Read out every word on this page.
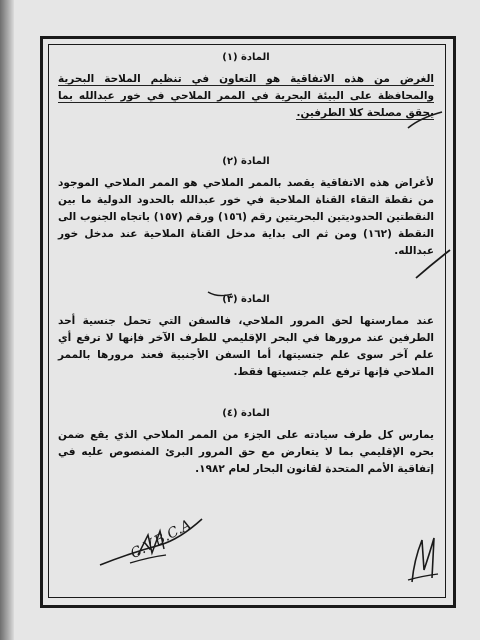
المادة (١)
الغرض من هذه الاتفاقية هو التعاون في تنظيم الملاحة البحرية والمحافظة على البيئة البحرية في الممر الملاحي في خور عبدالله بما يحقق مصلحة كلا الطرفين.
المادة (٢)
لأغراض هذه الاتفاقية يقصد بالممر الملاحي هو الممر الملاحي الموجود من نقطة التقاء القناة الملاحية في خور عبدالله بالحدود الدولية ما بين النقطتين الحدوديتين البحريتين رقم (١٥٦) ورقم (١٥٧) باتجاه الجنوب الى النقطة (١٦٢) ومن ثم الى بداية مدخل القناة الملاحية عند مدخل خور عبدالله.
المادة (٣)
عند ممارستها لحق المرور الملاحي، فالسفن التي تحمل جنسية أحد الطرفين عند مرورها في البحر الإقليمي للطرف الآخر فإنها لا ترفع أي علم آخر سوى علم جنسيتها، أما السفن الأجنبية فعند مرورها بالممر الملاحي فإنها ترفع علم جنسيتها فقط.
المادة (٤)
يمارس كل طرف سيادته على الجزء من الممر الملاحي الذي يقع ضمن بحره الإقليمي بما لا يتعارض مع حق المرور البرئ المنصوص عليه في إتفاقية الأمم المتحدة لقانون البحار لعام ١٩٨٢.
C.V.B.C.A
